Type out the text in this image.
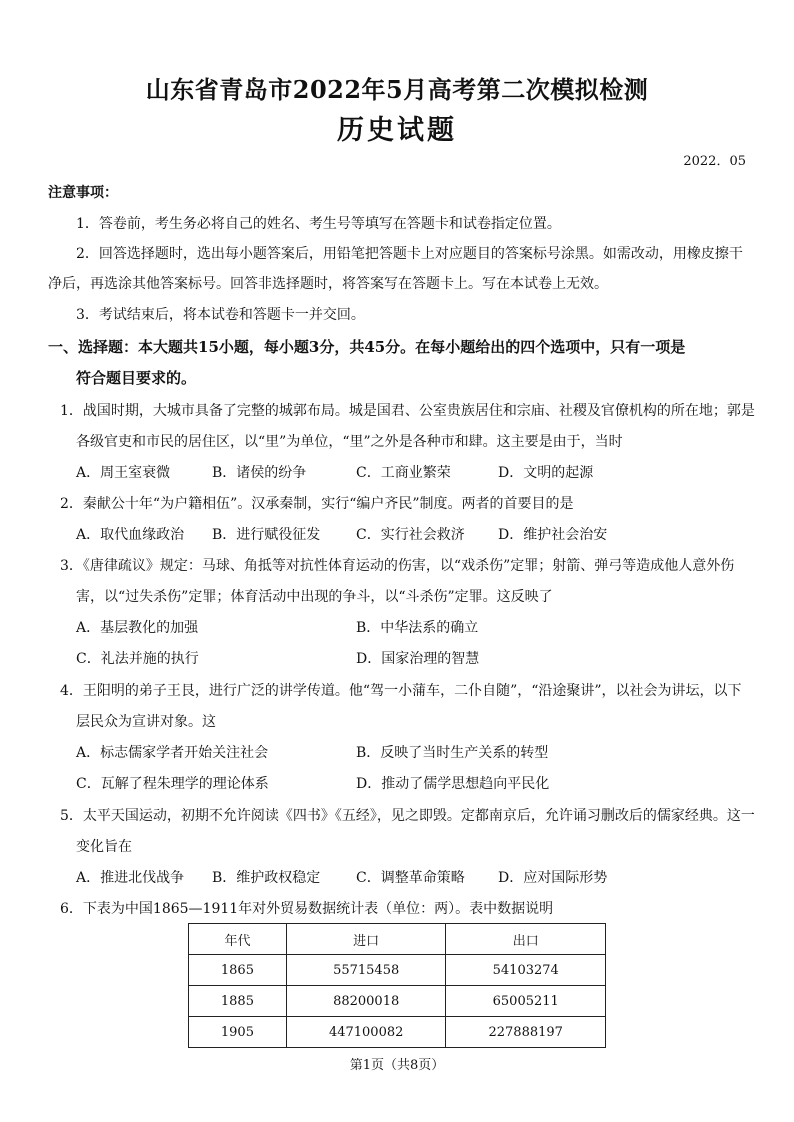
山东省青岛市2022年5月高考第二次模拟检测
历史试题
2022．05
注意事项：
1．答卷前，考生务必将自己的姓名、考生号等填写在答题卡和试卷指定位置。
2．回答选择题时，选出每小题答案后，用铅笔把答题卡上对应题目的答案标号涂黑。如需改动，用橡皮擦干
净后，再选涂其他答案标号。回答非选择题时，将答案写在答题卡上。写在本试卷上无效。
3．考试结束后，将本试卷和答题卡一并交回。
一、选择题：本大题共15小题，每小题3分，共45分。在每小题给出的四个选项中，只有一项是
符合题目要求的。
1．战国时期，大城市具备了完整的城郭布局。城是国君、公室贵族居住和宗庙、社稷及官僚机构的所在地；郭是
各级官吏和市民的居住区，以“里”为单位，“里”之外是各种市和肆。这主要是由于，当时
A．周王室衰微	B．诸侯的纷争	C．工商业繁荣	D．文明的起源
2．秦献公十年“为户籍相伍”。汉承秦制，实行“编户齐民”制度。两者的首要目的是
A．取代血缘政治 B．进行赋役征发	C．实行社会救济 D．维护社会治安
3．《唐律疏议》规定：马球、角抵等对抗性体育运动的伤害，以“戏杀伤”定罪；射箭、弹弓等造成他人意外伤
害，以“过失杀伤”定罪；体育活动中出现的争斗，以“斗杀伤”定罪。这反映了
A．基层教化的加强	B．中华法系的确立
C．礼法并施的执行	D．国家治理的智慧
4．王阳明的弟子王艮，进行广泛的讲学传道。他“驾一小蒲车，二仆自随”，“沿途聚讲”，以社会为讲坛，以下
层民众为宣讲对象。这
A．标志儒家学者开始关注社会	B．反映了当时生产关系的转型
C．瓦解了程朱理学的理论体系	D．推动了儒学思想趋向平民化
5．太平天国运动，初期不允许阅读《四书》《五经》，见之即毁。定都南京后，允许诵习删改后的儒家经典。这一
变化旨在
A．推进北伐战争 B．维护政权稳定	C．调整革命策略 D．应对国际形势
6．下表为中国1865—1911年对外贸易数据统计表（单位：两）。表中数据说明
年代	进口	出口
1865	55715458	54103274
1885	88200018	65005211
1905	447100082	227888197
第1页（共8页）
